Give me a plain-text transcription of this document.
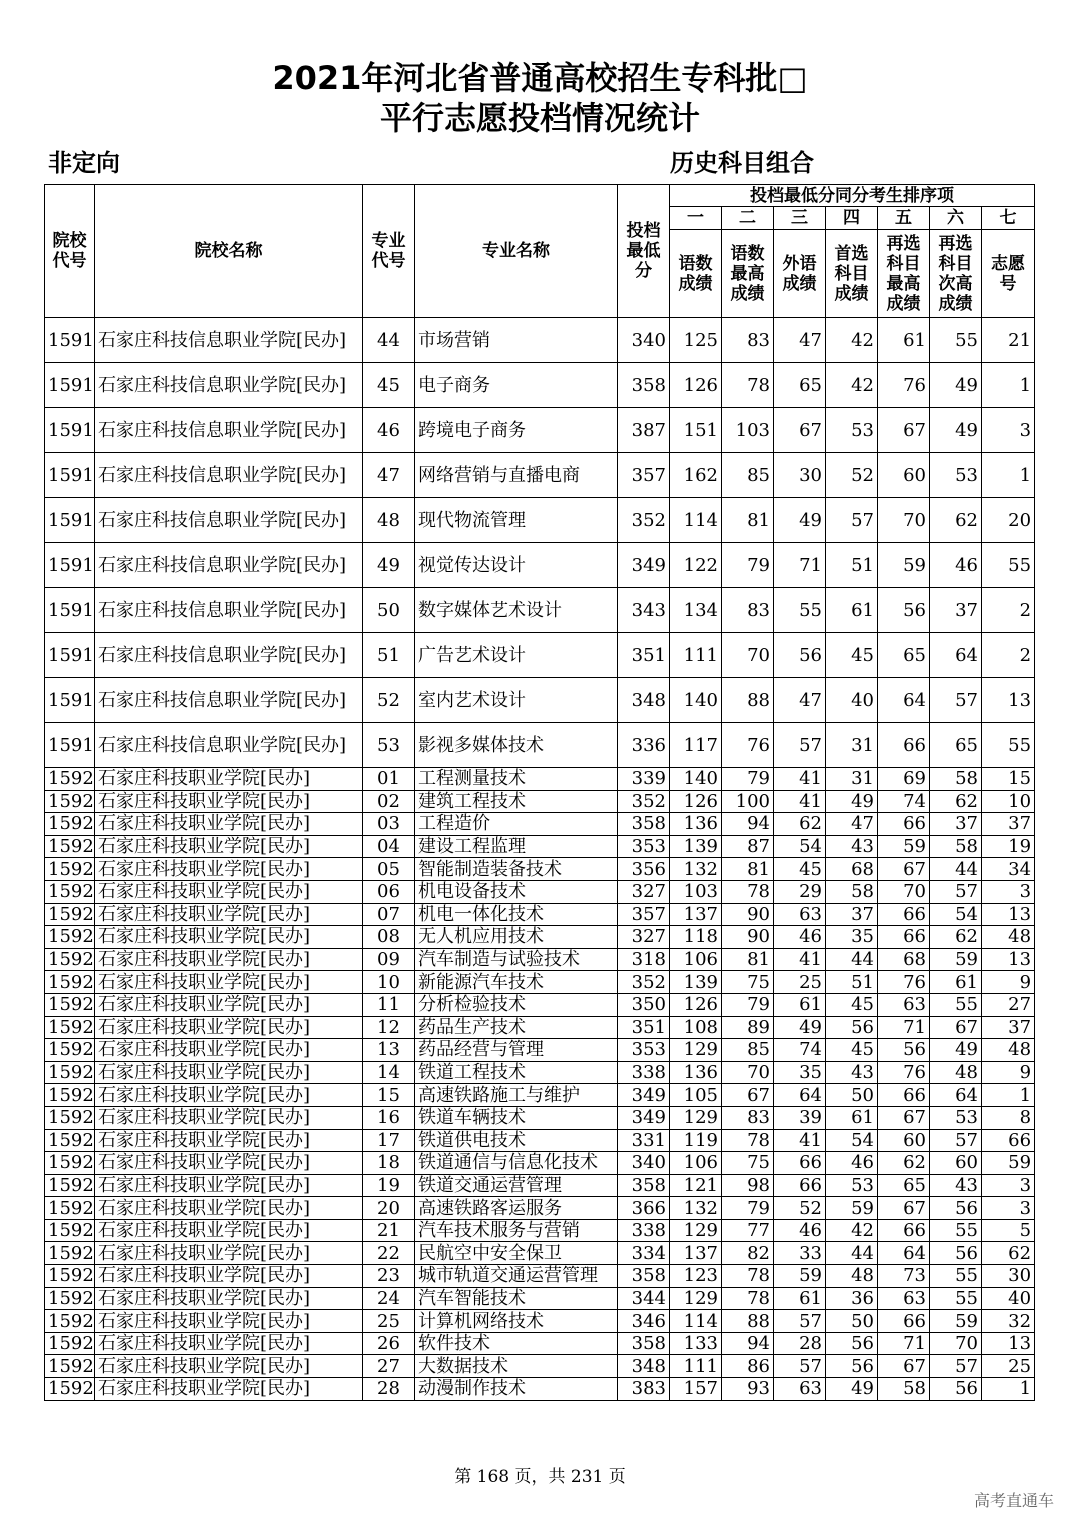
2021年河北省普通高校招生专科批□
平行志愿投档情况统计
非定向	历史科目组合
院校代号	院校名称	专业代号	专业名称	投档最低分	投档最低分同分考生排序项						
					一	二	三	四	五	六	七
					语数成绩	语数最高成绩	外语成绩	首选科目成绩	再选科目最高成绩	再选科目次高成绩	志愿号
1591	石家庄科技信息职业学院[民办]	44	市场营销	340	125	83	47	42	61	55	21
1591	石家庄科技信息职业学院[民办]	45	电子商务	358	126	78	65	42	76	49	1
1591	石家庄科技信息职业学院[民办]	46	跨境电子商务	387	151	103	67	53	67	49	3
1591	石家庄科技信息职业学院[民办]	47	网络营销与直播电商	357	162	85	30	52	60	53	1
1591	石家庄科技信息职业学院[民办]	48	现代物流管理	352	114	81	49	57	70	62	20
1591	石家庄科技信息职业学院[民办]	49	视觉传达设计	349	122	79	71	51	59	46	55
1591	石家庄科技信息职业学院[民办]	50	数字媒体艺术设计	343	134	83	55	61	56	37	2
1591	石家庄科技信息职业学院[民办]	51	广告艺术设计	351	111	70	56	45	65	64	2
1591	石家庄科技信息职业学院[民办]	52	室内艺术设计	348	140	88	47	40	64	57	13
1591	石家庄科技信息职业学院[民办]	53	影视多媒体技术	336	117	76	57	31	66	65	55
1592	石家庄科技职业学院[民办]	01	工程测量技术	339	140	79	41	31	69	58	15
1592	石家庄科技职业学院[民办]	02	建筑工程技术	352	126	100	41	49	74	62	10
1592	石家庄科技职业学院[民办]	03	工程造价	358	136	94	62	47	66	37	37
1592	石家庄科技职业学院[民办]	04	建设工程监理	353	139	87	54	43	59	58	19
1592	石家庄科技职业学院[民办]	05	智能制造装备技术	356	132	81	45	68	67	44	34
1592	石家庄科技职业学院[民办]	06	机电设备技术	327	103	78	29	58	70	57	3
1592	石家庄科技职业学院[民办]	07	机电一体化技术	357	137	90	63	37	66	54	13
1592	石家庄科技职业学院[民办]	08	无人机应用技术	327	118	90	46	35	66	62	48
1592	石家庄科技职业学院[民办]	09	汽车制造与试验技术	318	106	81	41	44	68	59	13
1592	石家庄科技职业学院[民办]	10	新能源汽车技术	352	139	75	25	51	76	61	9
1592	石家庄科技职业学院[民办]	11	分析检验技术	350	126	79	61	45	63	55	27
1592	石家庄科技职业学院[民办]	12	药品生产技术	351	108	89	49	56	71	67	37
1592	石家庄科技职业学院[民办]	13	药品经营与管理	353	129	85	74	45	56	49	48
1592	石家庄科技职业学院[民办]	14	铁道工程技术	338	136	70	35	43	76	48	9
1592	石家庄科技职业学院[民办]	15	高速铁路施工与维护	349	105	67	64	50	66	64	1
1592	石家庄科技职业学院[民办]	16	铁道车辆技术	349	129	83	39	61	67	53	8
1592	石家庄科技职业学院[民办]	17	铁道供电技术	331	119	78	41	54	60	57	66
1592	石家庄科技职业学院[民办]	18	铁道通信与信息化技术	340	106	75	66	46	62	60	59
1592	石家庄科技职业学院[民办]	19	铁道交通运营管理	358	121	98	66	53	65	43	3
1592	石家庄科技职业学院[民办]	20	高速铁路客运服务	366	132	79	52	59	67	56	3
1592	石家庄科技职业学院[民办]	21	汽车技术服务与营销	338	129	77	46	42	66	55	5
1592	石家庄科技职业学院[民办]	22	民航空中安全保卫	334	137	82	33	44	64	56	62
1592	石家庄科技职业学院[民办]	23	城市轨道交通运营管理	358	123	78	59	48	73	55	30
1592	石家庄科技职业学院[民办]	24	汽车智能技术	344	129	78	61	36	63	55	40
1592	石家庄科技职业学院[民办]	25	计算机网络技术	346	114	88	57	50	66	59	32
1592	石家庄科技职业学院[民办]	26	软件技术	358	133	94	28	56	71	70	13
1592	石家庄科技职业学院[民办]	27	大数据技术	348	111	86	57	56	67	57	25
1592	石家庄科技职业学院[民办]	28	动漫制作技术	383	157	93	63	49	58	56	1
第 168 页，共 231 页
高考直通车
